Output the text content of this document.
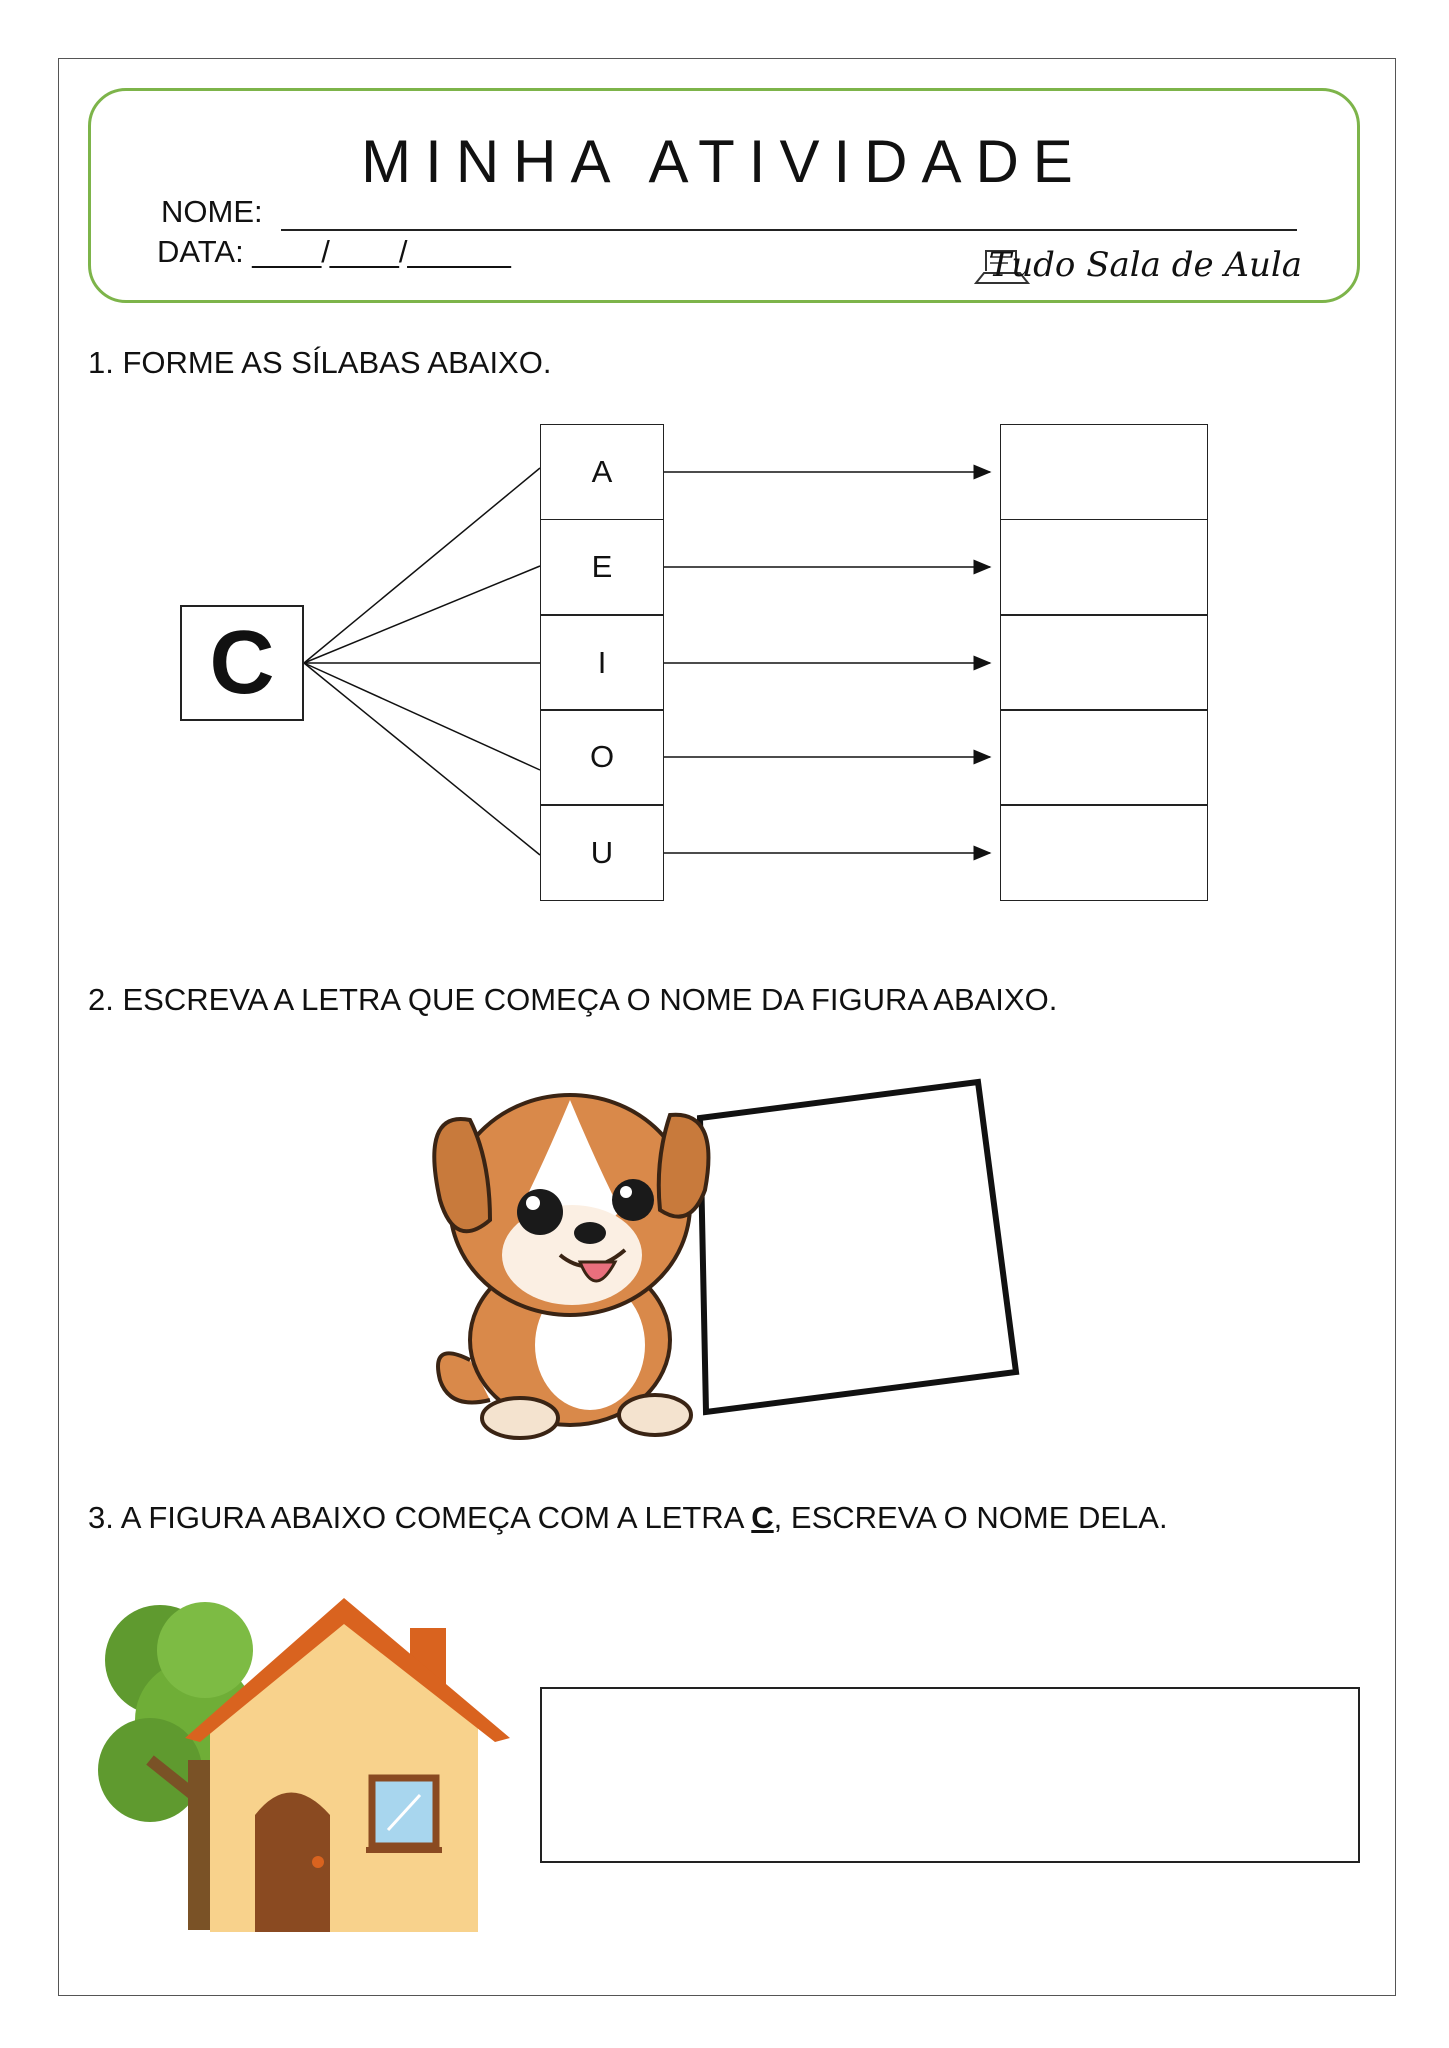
MINHA ATIVIDADE
NOME:
DATA: ____/____/______	Tudo Sala de Aula
1. FORME AS SÍLABAS ABAIXO.
C
A
E
I
O
U
2. ESCREVA A LETRA QUE COMEÇA O NOME DA FIGURA ABAIXO.
3. A FIGURA ABAIXO COMEÇA COM A LETRA C, ESCREVA O NOME DELA.
